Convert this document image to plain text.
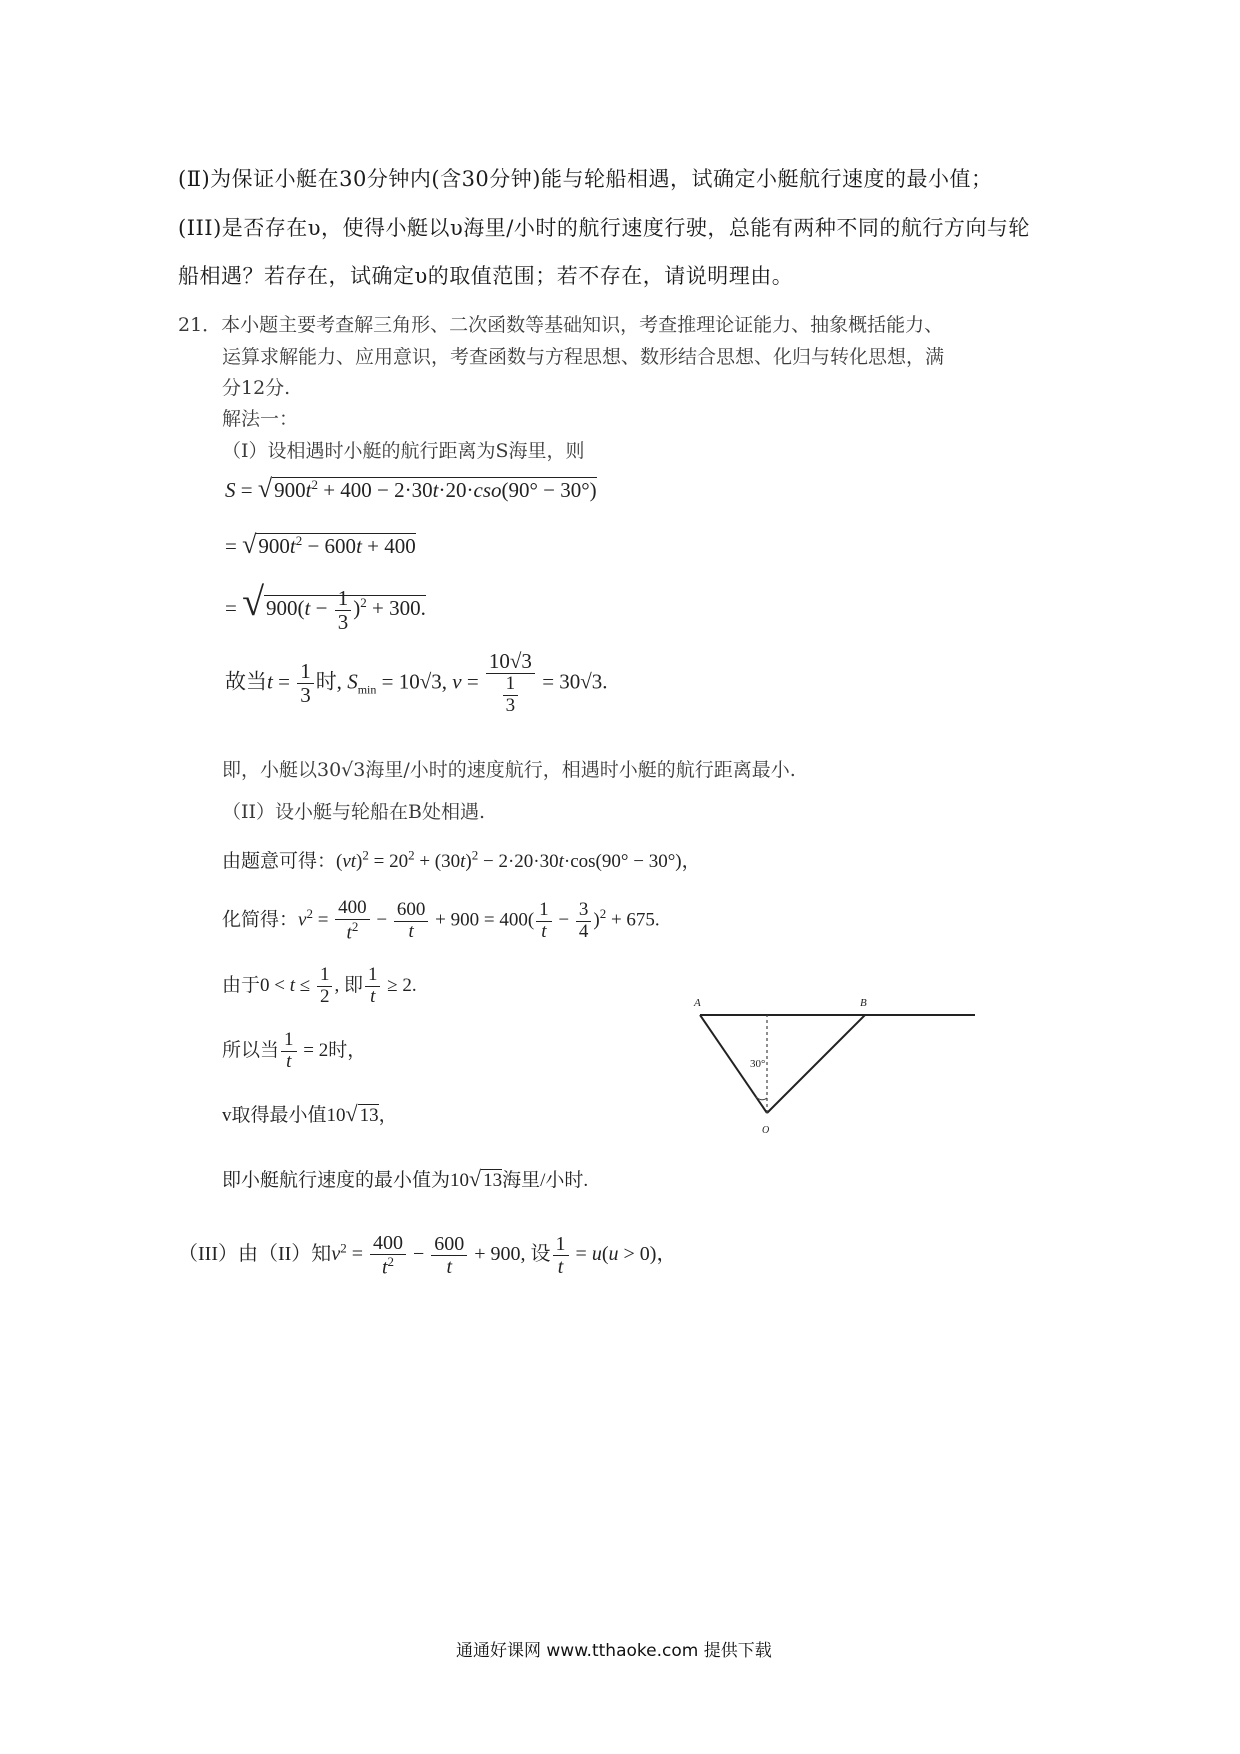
(Ⅱ)为保证小艇在30分钟内(含30分钟)能与轮船相遇，试确定小艇航行速度的最小值；
(III)是否存在υ，使得小艇以υ海里/小时的航行速度行驶，总能有两种不同的航行方向与轮
船相遇？若存在，试确定υ的取值范围；若不存在，请说明理由。
21．本小题主要考查解三角形、二次函数等基础知识，考查推理论证能力、抽象概括能力、
运算求解能力、应用意识，考查函数与方程思想、数形结合思想、化归与转化思想，满
分12分.
解法一：
（I）设相遇时小艇的航行距离为S海里，则
$S = √900t^2 + 400 - 2\cdot 30t\cdot 20\cdot cso(90^\circ - 30^\circ)$
= $√900t^2 - 600t + 400$
= $√900(t - \frac{1}{3} )^2 + 300$.
故当$t = \frac{1}{3}$ 时, $S_{min} = 10√3$, $v = \frac{10√3}{\frac{1}{3}} = 30√3$.
即，小艇以30√3海里/小时的速度航行，相遇时小艇的航行距离最小.
（II）设小艇与轮船在B处相遇.
由题意可得：$(vt)^2 = 20^2 + (30t)^2 - 2\cdot 20\cdot 30t\cdot\cos(90^\circ - 30^\circ)$，
化简得：$v^2 = \frac{400}{t^2} - \frac{600}{t} + 900 = 400( \frac{1}{t} - \frac{3}{4} )^2 + 675$.
由于$0 < t \le \frac{1}{2}$ , 即 $\frac{1}{t} \ge 2$.
所以当 $\frac{1}{t} = 2$时，
v取得最小值10√ 13，
即小艇航行速度的最小值为10√ 13海里/小时.
（III）由（II）知$v^2 = \frac{400}{t^2} - \frac{600}{t} + 900$, 设 $\frac{1}{t} = u(u > 0)$，
A	B
O
30°
通通好课网 www.tthaoke.com 提供下载
